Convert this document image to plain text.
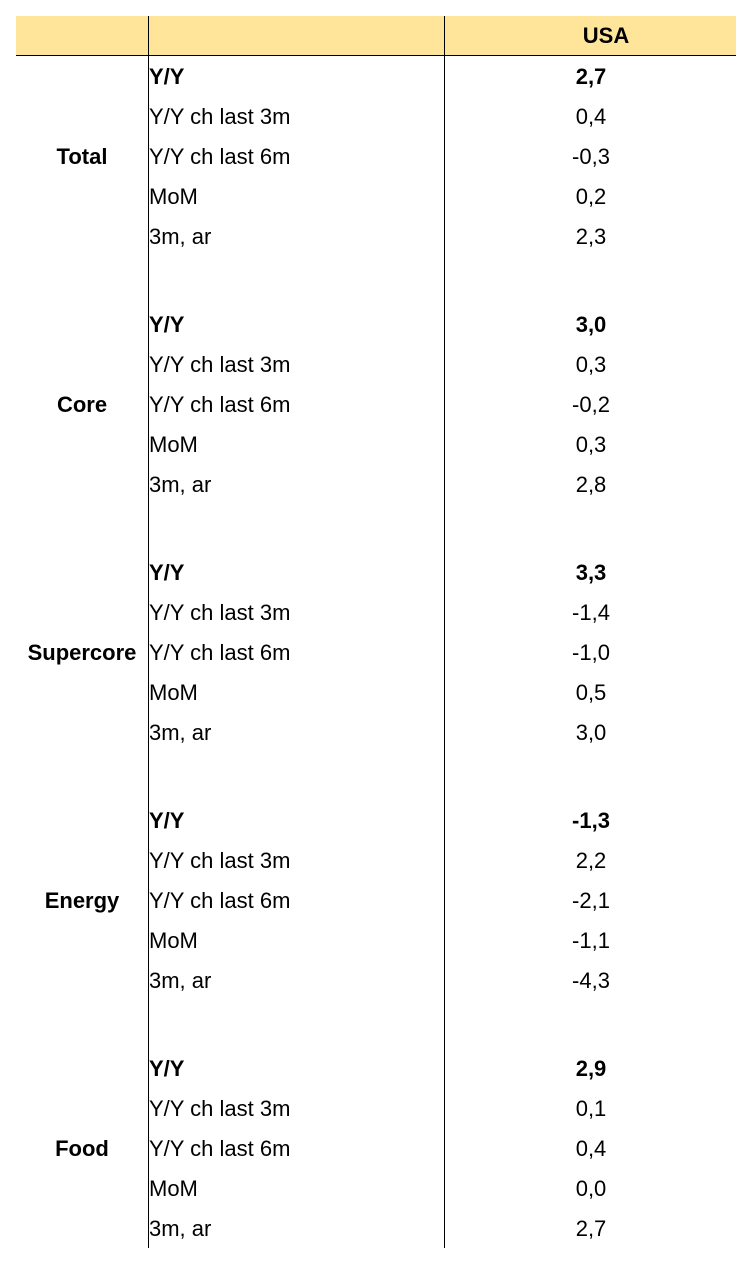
USA
Total
Y/Y	2,7
Y/Y ch last 3m	0,4
Y/Y ch last 6m	-0,3
MoM	0,2
3m, ar	2,3
Core
Y/Y	3,0
Y/Y ch last 3m	0,3
Y/Y ch last 6m	-0,2
MoM	0,3
3m, ar	2,8
Supercore
Y/Y	3,3
Y/Y ch last 3m	-1,4
Y/Y ch last 6m	-1,0
MoM	0,5
3m, ar	3,0
Energy
Y/Y	-1,3
Y/Y ch last 3m	2,2
Y/Y ch last 6m	-2,1
MoM	-1,1
3m, ar	-4,3
Food
Y/Y	2,9
Y/Y ch last 3m	0,1
Y/Y ch last 6m	0,4
MoM	0,0
3m, ar	2,7
